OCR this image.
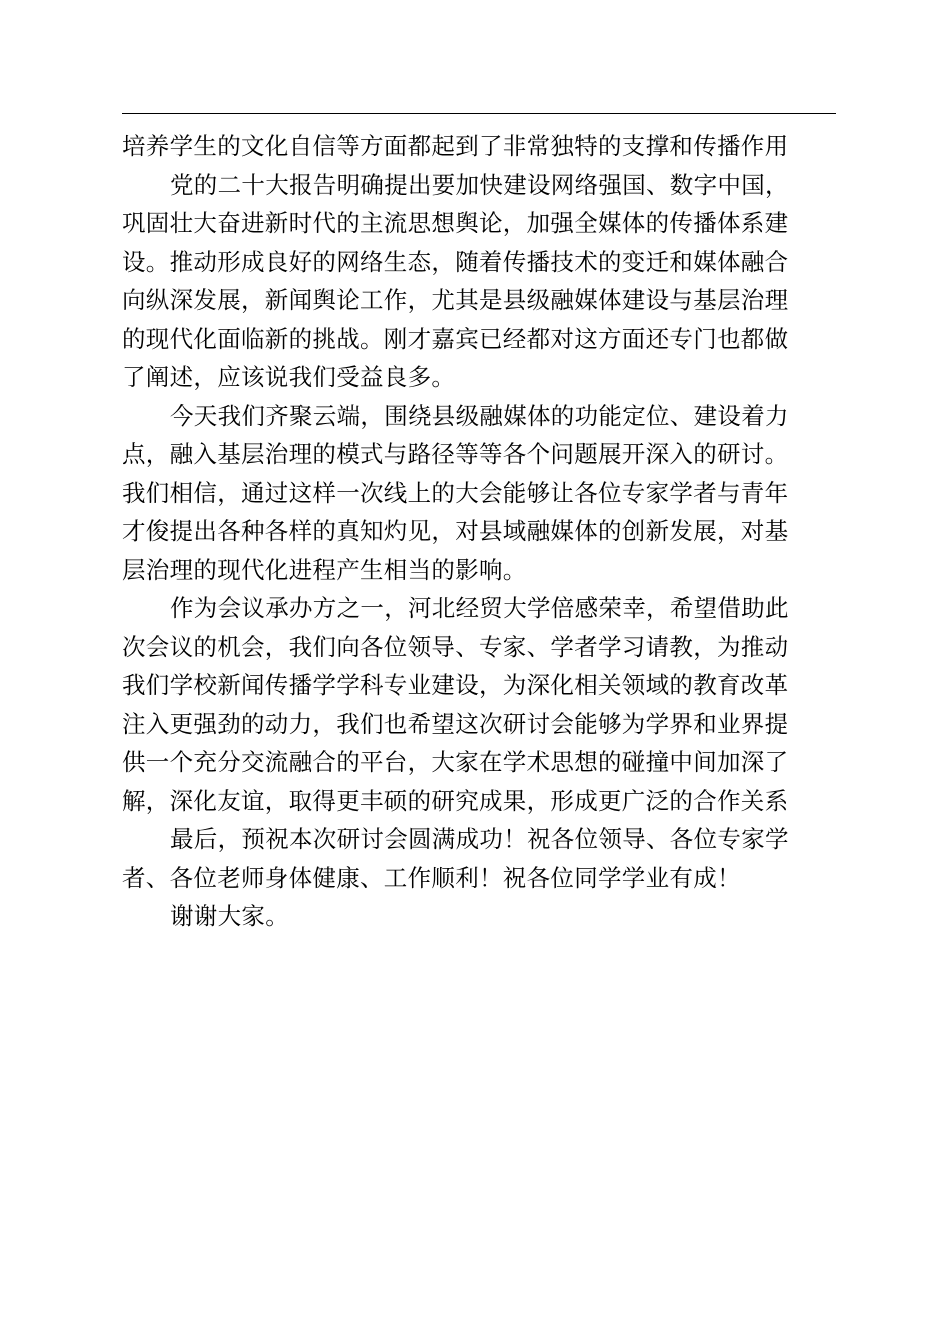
培养学生的文化自信等方面都起到了非常独特的支撑和传播作用
党的二十大报告明确提出要加快建设网络强国、数字中国，
巩固壮大奋进新时代的主流思想舆论，加强全媒体的传播体系建
设。推动形成良好的网络生态，随着传播技术的变迁和媒体融合
向纵深发展，新闻舆论工作，尤其是县级融媒体建设与基层治理
的现代化面临新的挑战。刚才嘉宾已经都对这方面还专门也都做
了阐述，应该说我们受益良多。
今天我们齐聚云端，围绕县级融媒体的功能定位、建设着力
点，融入基层治理的模式与路径等等各个问题展开深入的研讨。
我们相信，通过这样一次线上的大会能够让各位专家学者与青年
才俊提出各种各样的真知灼见，对县域融媒体的创新发展，对基
层治理的现代化进程产生相当的影响。
作为会议承办方之一，河北经贸大学倍感荣幸，希望借助此
次会议的机会，我们向各位领导、专家、学者学习请教，为推动
我们学校新闻传播学学科专业建设，为深化相关领域的教育改革
注入更强劲的动力，我们也希望这次研讨会能够为学界和业界提
供一个充分交流融合的平台，大家在学术思想的碰撞中间加深了
解，深化友谊，取得更丰硕的研究成果，形成更广泛的合作关系
最后，预祝本次研讨会圆满成功！祝各位领导、各位专家学
者、各位老师身体健康、工作顺利！祝各位同学学业有成！
谢谢大家。
